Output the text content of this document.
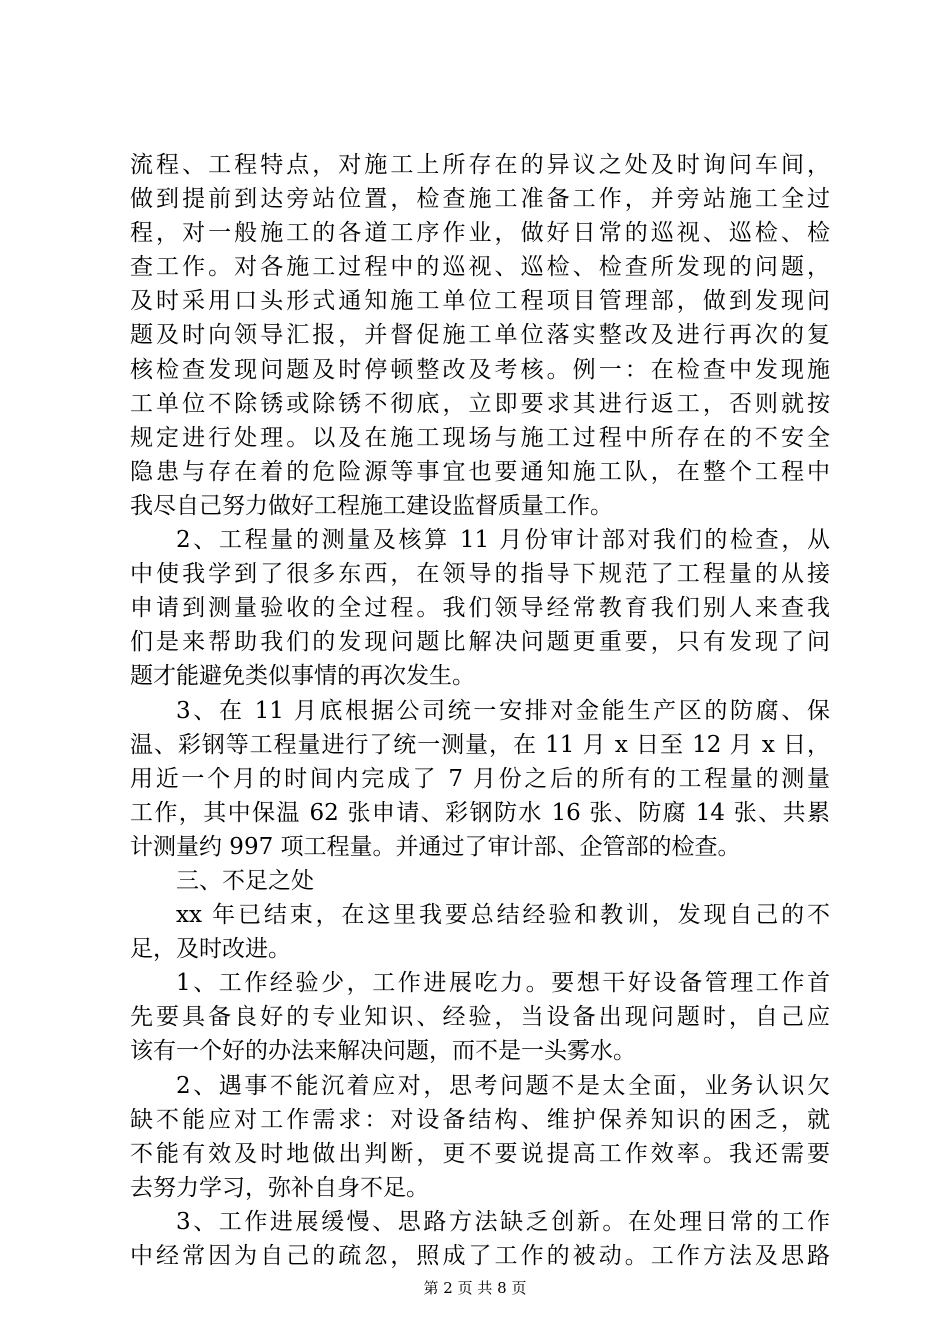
流程、工程特点，对施工上所存在的异议之处及时询问车间，
做到提前到达旁站位置，检查施工准备工作，并旁站施工全过
程，对一般施工的各道工序作业，做好日常的巡视、巡检、检
查工作。对各施工过程中的巡视、巡检、检查所发现的问题，
及时采用口头形式通知施工单位工程项目管理部，做到发现问
题及时向领导汇报，并督促施工单位落实整改及进行再次的复
核检查发现问题及时停顿整改及考核。例一：在检查中发现施
工单位不除锈或除锈不彻底，立即要求其进行返工，否则就按
规定进行处理。以及在施工现场与施工过程中所存在的不安全
隐患与存在着的危险源等事宜也要通知施工队，在整个工程中
我尽自己努力做好工程施工建设监督质量工作。
2、工程量的测量及核算 11 月份审计部对我们的检查，从
中使我学到了很多东西，在领导的指导下规范了工程量的从接
申请到测量验收的全过程。我们领导经常教育我们别人来查我
们是来帮助我们的发现问题比解决问题更重要，只有发现了问
题才能避免类似事情的再次发生。
3、在 11 月底根据公司统一安排对金能生产区的防腐、保
温、彩钢等工程量进行了统一测量，在 11 月 x 日至 12 月 x 日，
用近一个月的时间内完成了 7 月份之后的所有的工程量的测量
工作，其中保温 62 张申请、彩钢防水 16 张、防腐 14 张、共累
计测量约 997 项工程量。并通过了审计部、企管部的检查。
三、不足之处
xx 年已结束，在这里我要总结经验和教训，发现自己的不
足，及时改进。
1、工作经验少，工作进展吃力。要想干好设备管理工作首
先要具备良好的专业知识、经验，当设备出现问题时，自己应
该有一个好的办法来解决问题，而不是一头雾水。
2、遇事不能沉着应对，思考问题不是太全面，业务认识欠
缺不能应对工作需求：对设备结构、维护保养知识的困乏，就
不能有效及时地做出判断，更不要说提高工作效率。我还需要
去努力学习，弥补自身不足。
3、工作进展缓慢、思路方法缺乏创新。在处理日常的工作
中经常因为自己的疏忽，照成了工作的被动。工作方法及思路
第 2 页 共 8 页
